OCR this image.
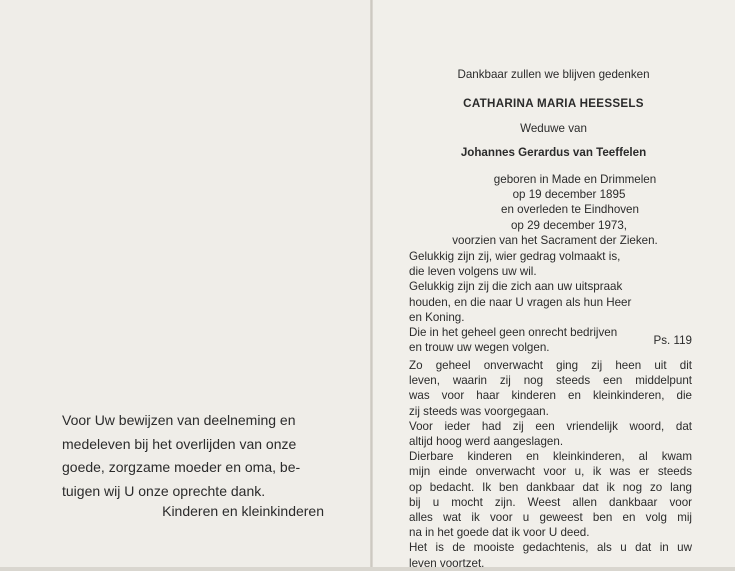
Voor Uw bewijzen van deelneming en
medeleven bij het overlijden van onze
goede, zorgzame moeder en oma, be-
tuigen wij U onze oprechte dank.
Kinderen en kleinkinderen
Dankbaar zullen we blijven gedenken
CATHARINA MARIA HEESSELS
Weduwe van
Johannes Gerardus van Teeffelen
geboren in Made en Drimmelen
op 19 december 1895
en overleden te Eindhoven
op 29 december 1973,
voorzien van het Sacrament der Zieken.
Gelukkig zijn zij, wier gedrag volmaakt is,
die leven volgens uw wil.
Gelukkig zijn zij die zich aan uw uitspraak
houden, en die naar U vragen als hun Heer
en Koning.
Die in het geheel geen onrecht bedrijven
en trouw uw wegen volgen.
Ps. 119
Zo geheel onverwacht ging zij heen uit dit
leven, waarin zij nog steeds een middelpunt
was voor haar kinderen en kleinkinderen, die
zij steeds was voorgegaan.
Voor ieder had zij een vriendelijk woord, dat
altijd hoog werd aangeslagen.
Dierbare kinderen en kleinkinderen, al kwam
mijn einde onverwacht voor u, ik was er steeds
op bedacht. Ik ben dankbaar dat ik nog zo lang
bij u mocht zijn. Weest allen dankbaar voor
alles wat ik voor u geweest ben en volg mij
na in het goede dat ik voor U deed.
Het is de mooiste gedachtenis, als u dat in uw
leven voortzet.
